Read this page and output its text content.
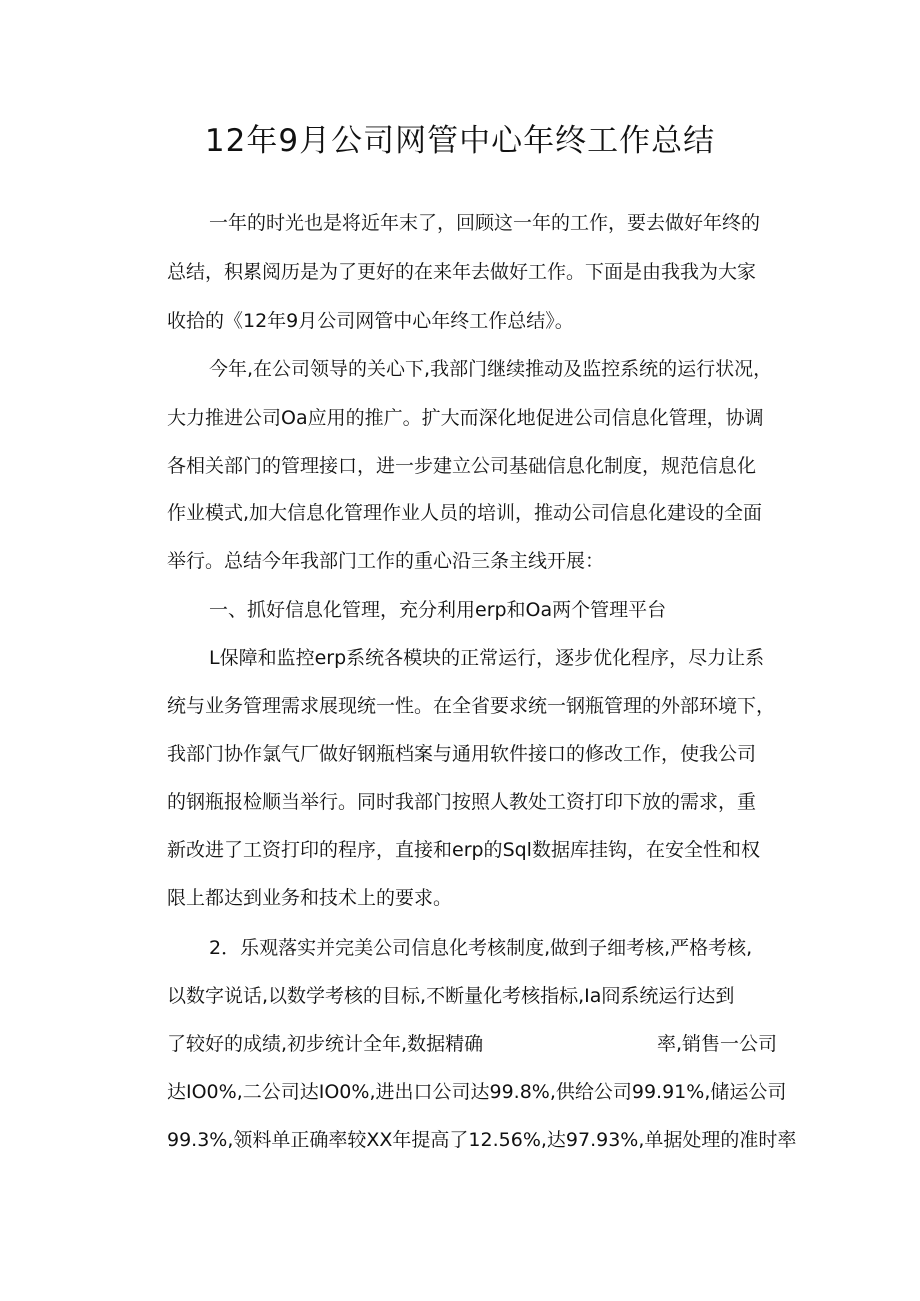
12年9月公司网管中心年终工作总结
一年的时光也是将近年末了，回顾这一年的工作，要去做好年终的
总结，积累阅历是为了更好的在来年去做好工作。下面是由我我为大家
收拾的《12年9月公司网管中心年终工作总结》。
今年,在公司领导的关心下,我部门继续推动及监控系统的运行状况，
大力推进公司Oa应用的推广。扩大而深化地促进公司信息化管理，协调
各相关部门的管理接口，进一步建立公司基础信息化制度，规范信息化
作业模式,加大信息化管理作业人员的培训，推动公司信息化建设的全面
举行。总结今年我部门工作的重心沿三条主线开展：
一、抓好信息化管理，充分利用erp和Oa两个管理平台
L保障和监控erp系统各模块的正常运行，逐步优化程序，尽力让系
统与业务管理需求展现统一性。在全省要求统一钢瓶管理的外部环境下，
我部门协作氯气厂做好钢瓶档案与通用软件接口的修改工作，使我公司
的钢瓶报检顺当举行。同时我部门按照人教处工资打印下放的需求，重
新改进了工资打印的程序，直接和erp的Sql数据库挂钩，在安全性和权
限上都达到业务和技术上的要求。
2．乐观落实并完美公司信息化考核制度,做到子细考核,严格考核,
以数字说话,以数学考核的目标,不断量化考核指标,Ia冏系统运行达到
了较好的成绩,初步统计全年,数据精确	率,销售一公司
达IO0%,二公司达IO0%,进出口公司达99.8%,供给公司99.91%,储运公司
99.3%,领料单正确率较XX年提高了12.56%,达97.93%,单据处理的准时率
